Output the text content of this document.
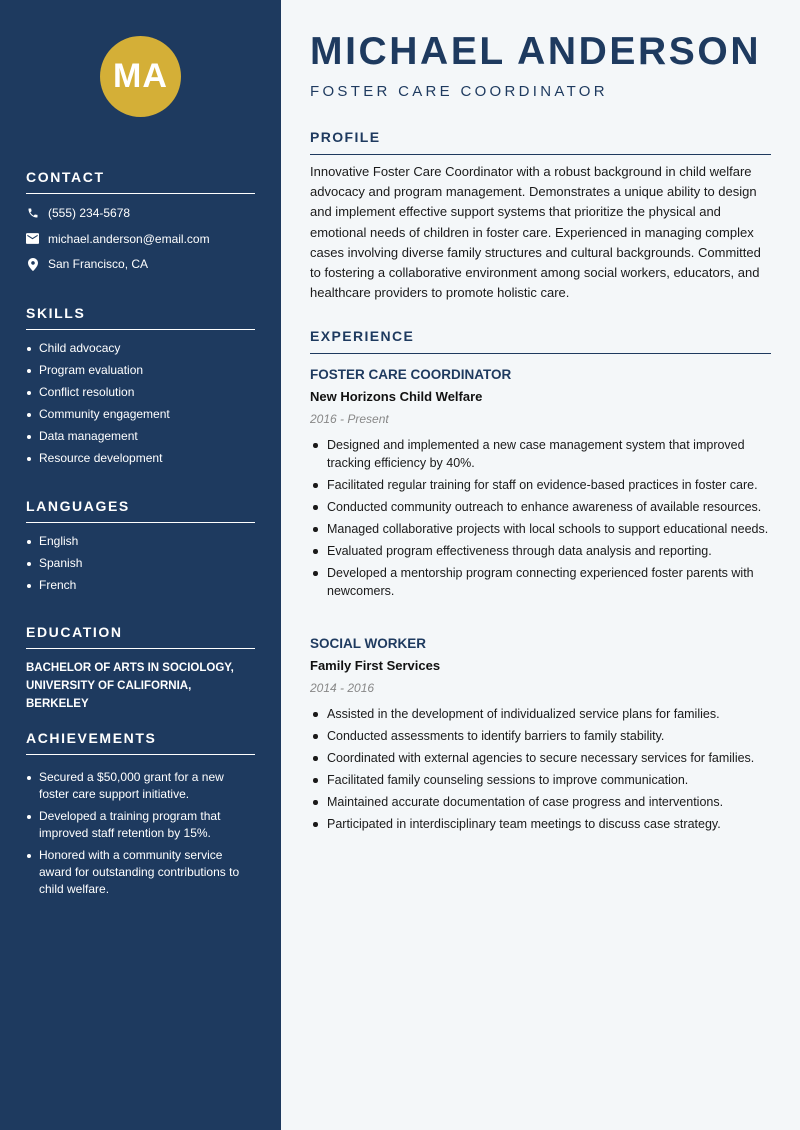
MA
CONTACT
(555) 234-5678
michael.anderson@email.com
San Francisco, CA
SKILLS
Child advocacy
Program evaluation
Conflict resolution
Community engagement
Data management
Resource development
LANGUAGES
English
Spanish
French
EDUCATION
BACHELOR OF ARTS IN SOCIOLOGY,
UNIVERSITY OF CALIFORNIA, BERKELEY
ACHIEVEMENTS
Secured a $50,000 grant for a new foster care support initiative.
Developed a training program that improved staff retention by 15%.
Honored with a community service award for outstanding contributions to child welfare.
MICHAEL ANDERSON
FOSTER CARE COORDINATOR
PROFILE

Innovative Foster Care Coordinator with a robust background in child welfare advocacy and program management. Demonstrates a unique ability to design and implement effective support systems that prioritize the physical and emotional needs of children in foster care. Experienced in managing complex cases involving diverse family structures and cultural backgrounds. Committed to fostering a collaborative environment among social workers, educators, and healthcare providers to promote holistic care.

EXPERIENCE
FOSTER CARE COORDINATOR
New Horizons Child Welfare
2016 - Present
Designed and implemented a new case management system that improved tracking efficiency by 40%.
Facilitated regular training for staff on evidence-based practices in foster care.
Conducted community outreach to enhance awareness of available resources.
Managed collaborative projects with local schools to support educational needs.
Evaluated program effectiveness through data analysis and reporting.
Developed a mentorship program connecting experienced foster parents with newcomers.
SOCIAL WORKER
Family First Services
2014 - 2016
Assisted in the development of individualized service plans for families.
Conducted assessments to identify barriers to family stability.
Coordinated with external agencies to secure necessary services for families.
Facilitated family counseling sessions to improve communication.
Maintained accurate documentation of case progress and interventions.
Participated in interdisciplinary team meetings to discuss case strategy.
